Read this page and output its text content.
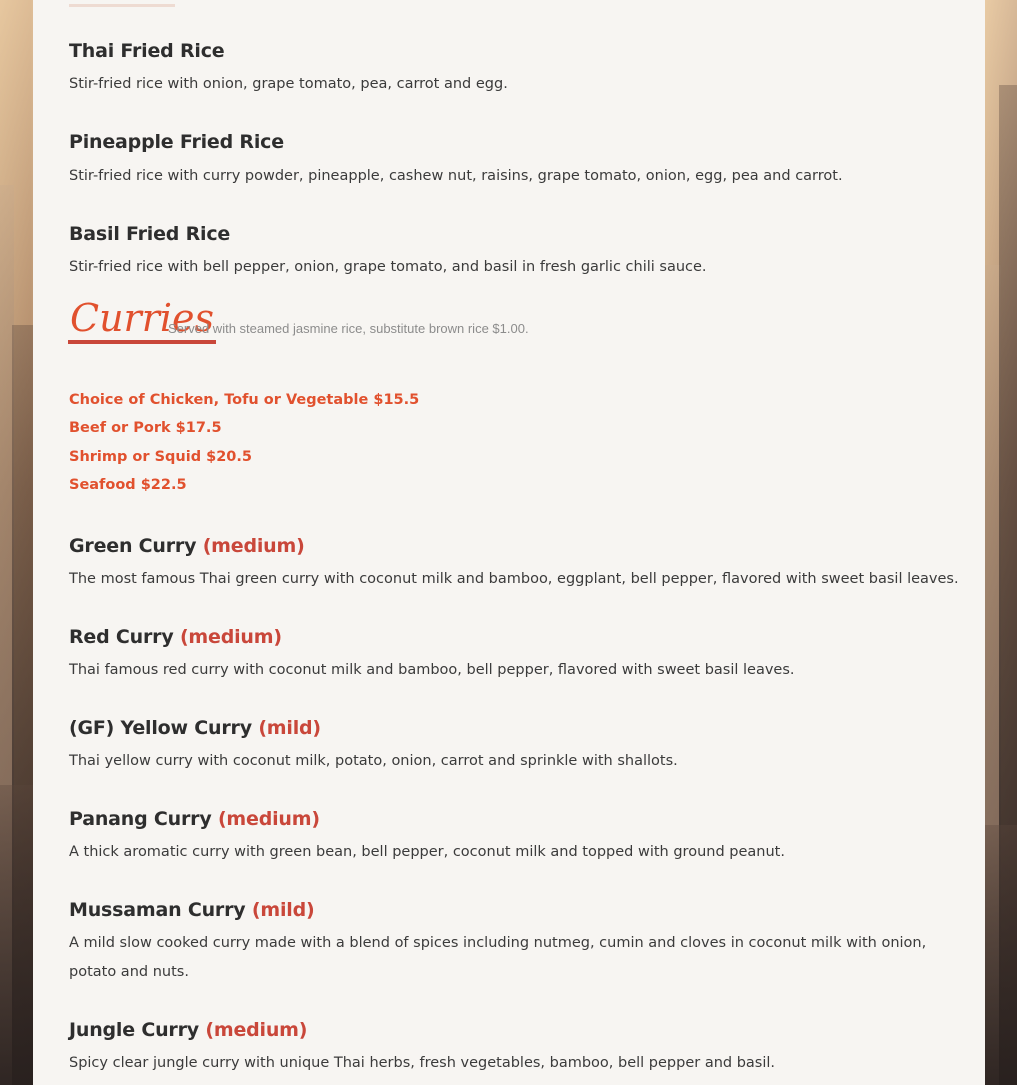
Thai Fried Rice
Stir-fried rice with onion, grape tomato, pea, carrot and egg.
Pineapple Fried Rice
Stir-fried rice with curry powder, pineapple, cashew nut, raisins, grape tomato, onion, egg, pea and carrot.
Basil Fried Rice
Stir-fried rice with bell pepper, onion, grape tomato, and basil in fresh garlic chili sauce.
Curries
Served with steamed jasmine rice, substitute brown rice $1.00.
Choice of Chicken, Tofu or Vegetable $15.5
Beef or Pork $17.5
Shrimp or Squid $20.5
Seafood $22.5
Green Curry (medium)
The most famous Thai green curry with coconut milk and bamboo, eggplant, bell pepper, flavored with sweet basil leaves.
Red Curry (medium)
Thai famous red curry with coconut milk and bamboo, bell pepper, flavored with sweet basil leaves.
(GF) Yellow Curry (mild)
Thai yellow curry with coconut milk, potato, onion, carrot and sprinkle with shallots.
Panang Curry (medium)
A thick aromatic curry with green bean, bell pepper, coconut milk and topped with ground peanut.
Mussaman Curry (mild)
A mild slow cooked curry made with a blend of spices including nutmeg, cumin and cloves in coconut milk with onion, potato and nuts.
Jungle Curry (medium)
Spicy clear jungle curry with unique Thai herbs, fresh vegetables, bamboo, bell pepper and basil.
